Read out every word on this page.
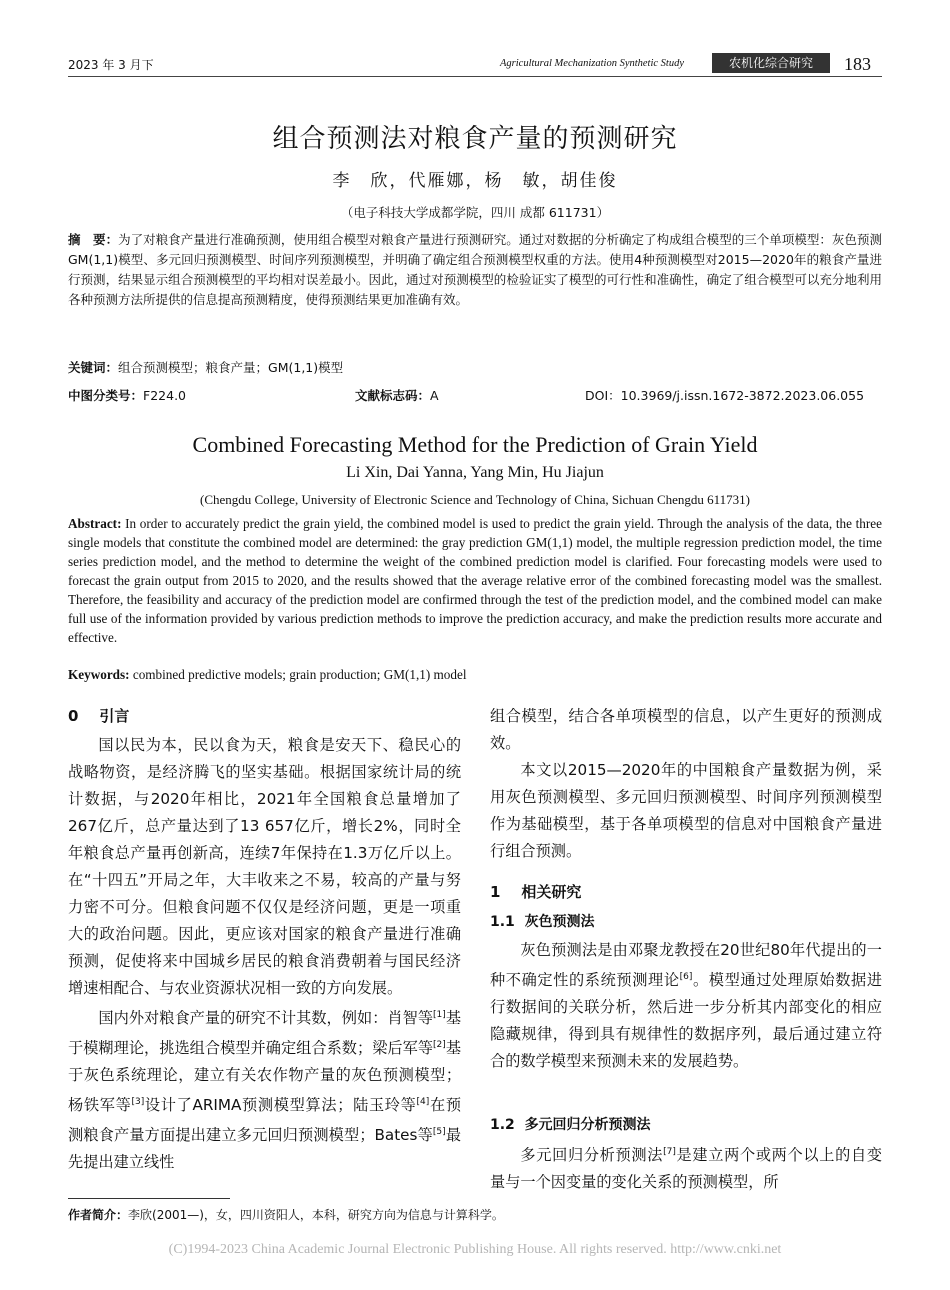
2023 年 3 月下	Agricultural Mechanization Synthetic Study	农机化综合研究	183
组合预测法对粮食产量的预测研究
李　欣，代雁娜，杨　敏，胡佳俊
（电子科技大学成都学院，四川 成都 611731）
摘　要：为了对粮食产量进行准确预测，使用组合模型对粮食产量进行预测研究。通过对数据的分析确定了构成组合模型的三个单项模型：灰色预测GM(1,1)模型、多元回归预测模型、时间序列预测模型，并明确了确定组合预测模型权重的方法。使用4种预测模型对2015—2020年的粮食产量进行预测，结果显示组合预测模型的平均相对误差最小。因此，通过对预测模型的检验证实了模型的可行性和准确性，确定了组合模型可以充分地利用各种预测方法所提供的信息提高预测精度，使得预测结果更加准确有效。
关键词：组合预测模型；粮食产量；GM(1,1)模型
中图分类号：F224.0	文献标志码：A	DOI：10.3969/j.issn.1672-3872.2023.06.055
Combined Forecasting Method for the Prediction of Grain Yield
Li Xin, Dai Yanna, Yang Min, Hu Jiajun
(Chengdu College, University of Electronic Science and Technology of China, Sichuan Chengdu 611731)
Abstract: In order to accurately predict the grain yield, the combined model is used to predict the grain yield. Through the analysis of the data, the three single models that constitute the combined model are determined: the gray prediction GM(1,1) model, the multiple regression prediction model, the time series prediction model, and the method to determine the weight of the combined prediction model is clarified. Four forecasting models were used to forecast the grain output from 2015 to 2020, and the results showed that the average relative error of the combined forecasting model was the smallest. Therefore, the feasibility and accuracy of the prediction model are confirmed through the test of the prediction model, and the combined model can make full use of the information provided by various prediction methods to improve the prediction accuracy, and make the prediction results more accurate and effective.
Keywords: combined predictive models; grain production; GM(1,1) model
0 引言

国以民为本，民以食为天，粮食是安天下、稳民心的战略物资，是经济腾飞的坚实基础。根据国家统计局的统计数据，与2020年相比，2021年全国粮食总量增加了267亿斤，总产量达到了13 657亿斤，增长2%，同时全年粮食总产量再创新高，连续7年保持在1.3万亿斤以上。在“十四五”开局之年，大丰收来之不易，较高的产量与努力密不可分。但粮食问题不仅仅是经济问题，更是一项重大的政治问题。因此，更应该对国家的粮食产量进行准确预测，促使将来中国城乡居民的粮食消费朝着与国民经济增速相配合、与农业资源状况相一致的方向发展。

国内外对粮食产量的研究不计其数，例如：肖智等[1]基于模糊理论，挑选组合模型并确定组合系数；梁后军等[2]基于灰色系统理论，建立有关农作物产量的灰色预测模型；杨铁军等[3]设计了ARIMA预测模型算法；陆玉玲等[4]在预测粮食产量方面提出建立多元回归预测模型；Bates等[5]最先提出建立线性

组合模型，结合各单项模型的信息，以产生更好的预测成效。

本文以2015—2020年的中国粮食产量数据为例，采用灰色预测模型、多元回归预测模型、时间序列预测模型作为基础模型，基于各单项模型的信息对中国粮食产量进行组合预测。

1 相关研究
1.1 灰色预测法

灰色预测法是由邓聚龙教授在20世纪80年代提出的一种不确定性的系统预测理论[6]。模型通过处理原始数据进行数据间的关联分析，然后进一步分析其内部变化的相应隐藏规律，得到具有规律性的数据序列，最后通过建立符合的数学模型来预测未来的发展趋势。

1.2 多元回归分析预测法

多元回归分析预测法[7]是建立两个或两个以上的自变量与一个因变量的变化关系的预测模型，所

作者简介：李欣(2001—)，女，四川资阳人，本科，研究方向为信息与计算科学。
(C)1994-2023 China Academic Journal Electronic Publishing House. All rights reserved. http://www.cnki.net
